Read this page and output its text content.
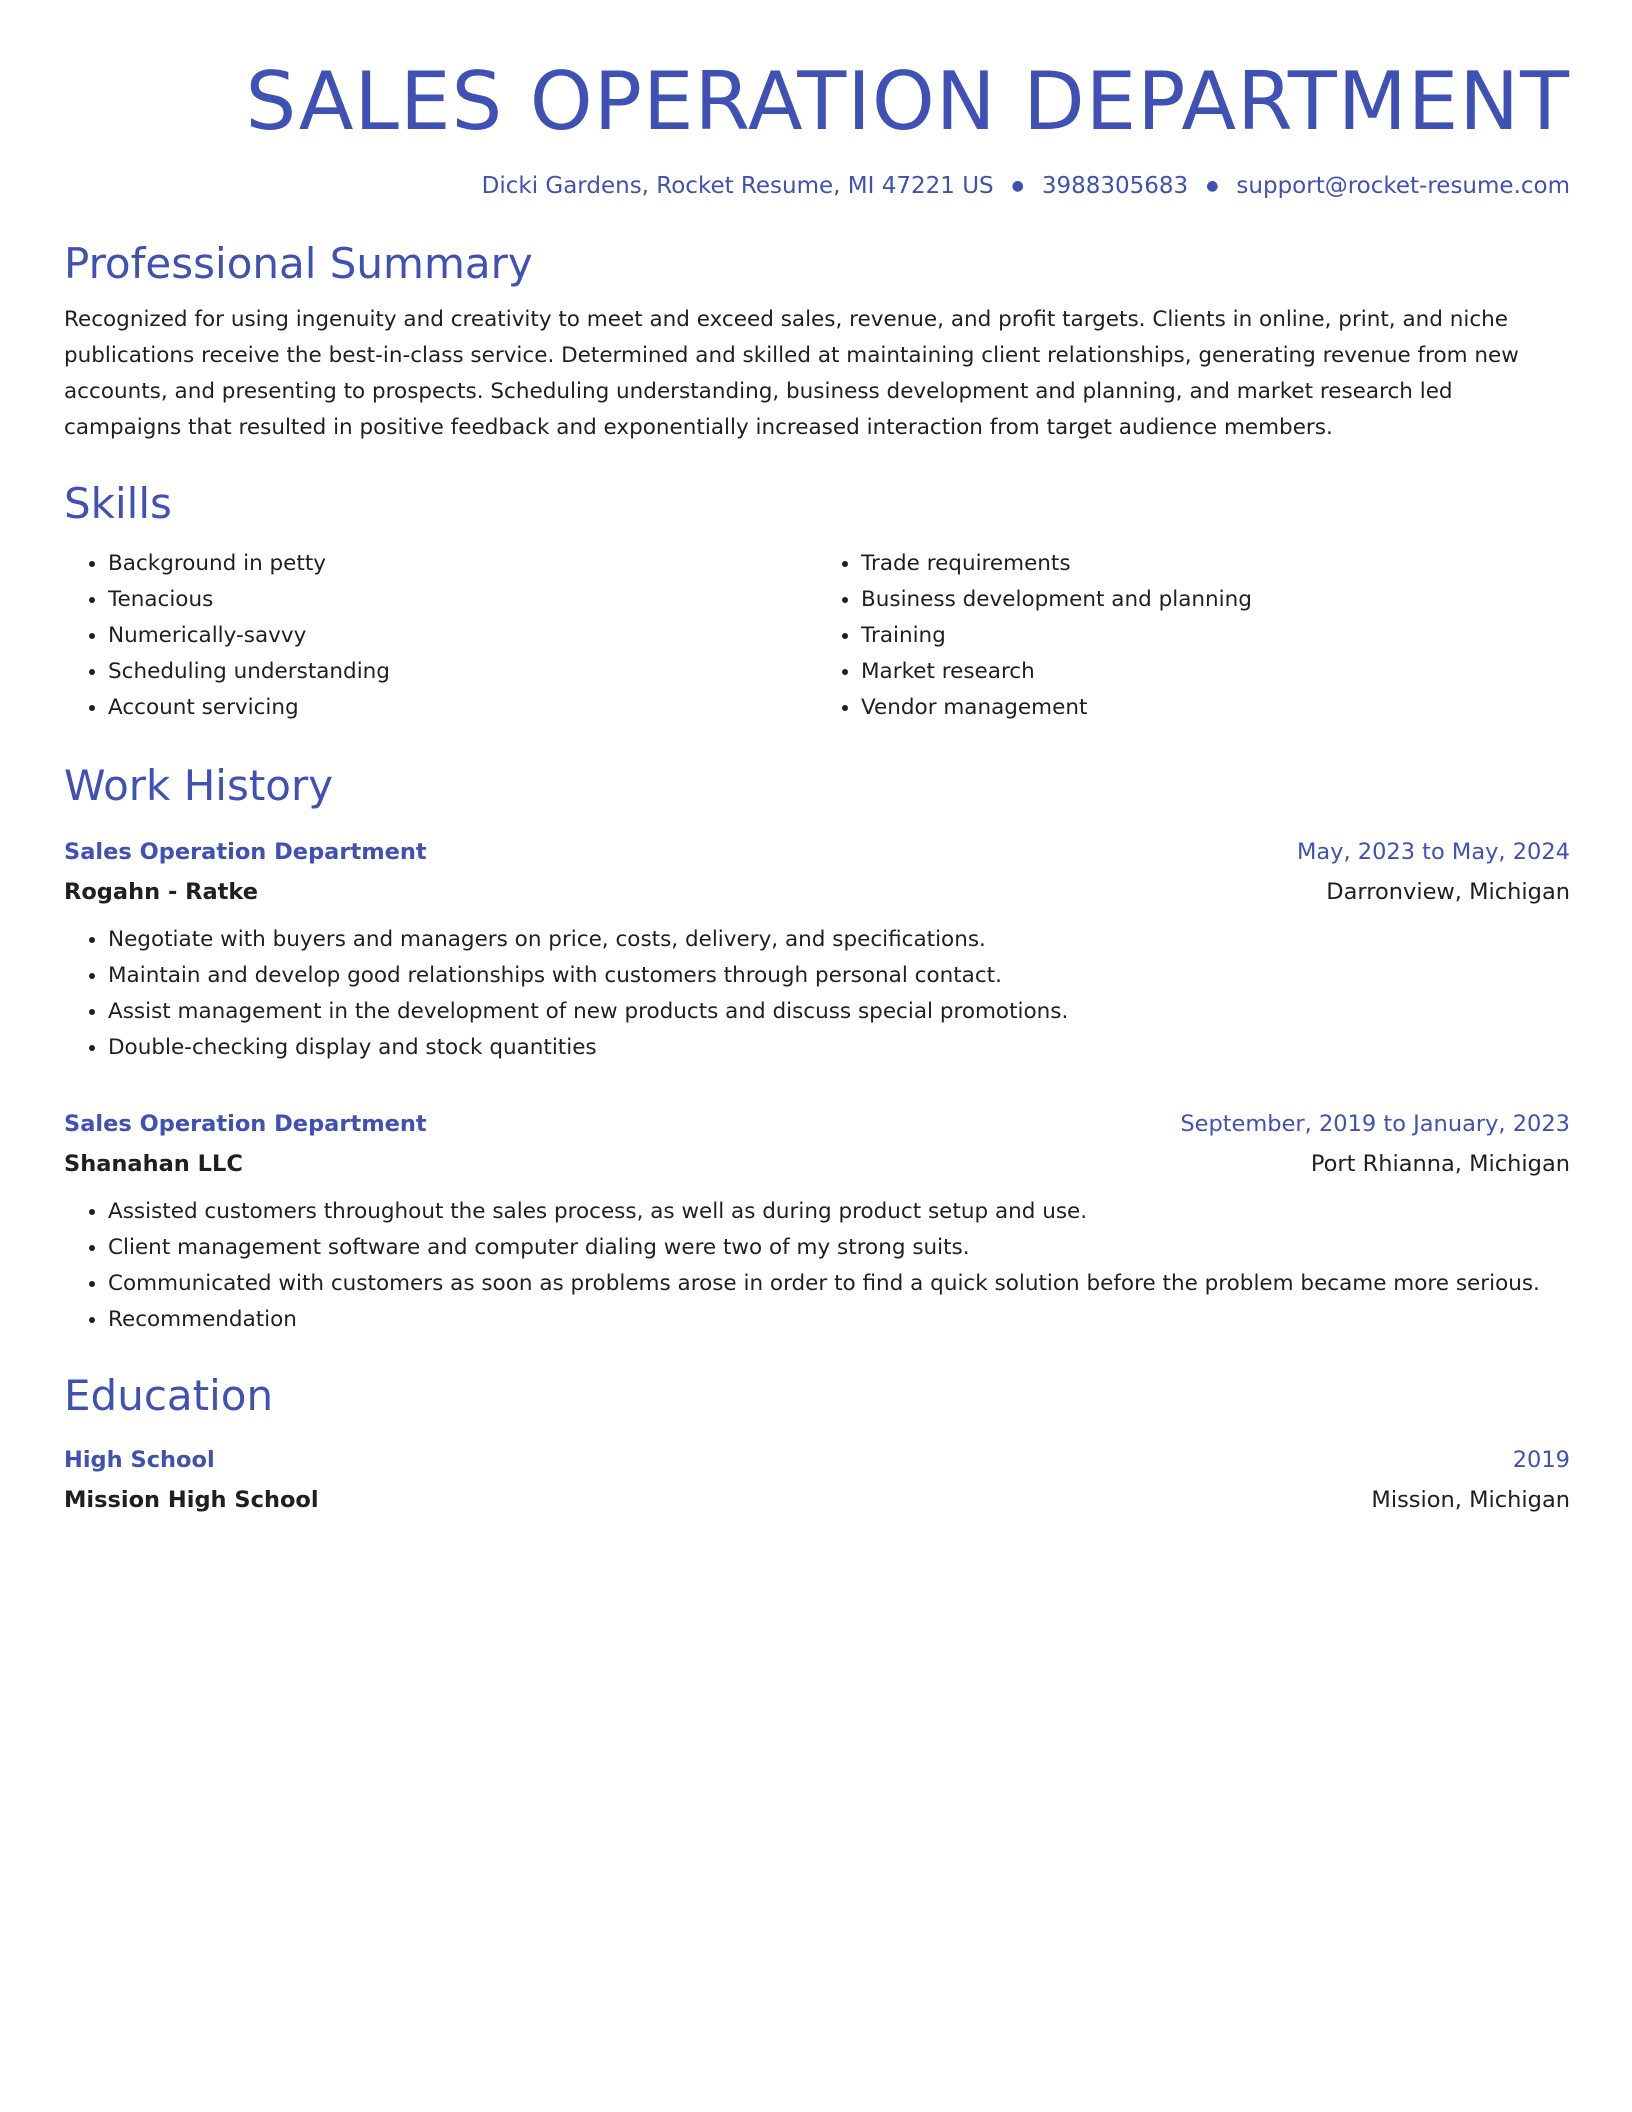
SALES OPERATION DEPARTMENT
Dicki Gardens, Rocket Resume, MI 47221 US ● 3988305683 ● support@rocket-resume.com
Professional Summary

Recognized for using ingenuity and creativity to meet and exceed sales, revenue, and profit targets. Clients in online, print, and niche publications receive the best-in-class service. Determined and skilled at maintaining client relationships, generating revenue from new accounts, and presenting to prospects. Scheduling understanding, business development and planning, and market research led campaigns that resulted in positive feedback and exponentially increased interaction from target audience members.

Skills
• Background in petty
• Tenacious
• Numerically-savvy
• Scheduling understanding
• Account servicing
• Trade requirements
• Business development and planning
• Training
• Market research
• Vendor management
Work History
Sales Operation Department	May, 2023 to May, 2024
Rogahn - Ratke	Darronview, Michigan
• Negotiate with buyers and managers on price, costs, delivery, and specifications.
• Maintain and develop good relationships with customers through personal contact.
• Assist management in the development of new products and discuss special promotions.
• Double-checking display and stock quantities
Sales Operation Department	September, 2019 to January, 2023
Shanahan LLC	Port Rhianna, Michigan
• Assisted customers throughout the sales process, as well as during product setup and use.
• Client management software and computer dialing were two of my strong suits.
• Communicated with customers as soon as problems arose in order to find a quick solution before the problem became more serious.
• Recommendation
Education
High School	2019
Mission High School	Mission, Michigan
